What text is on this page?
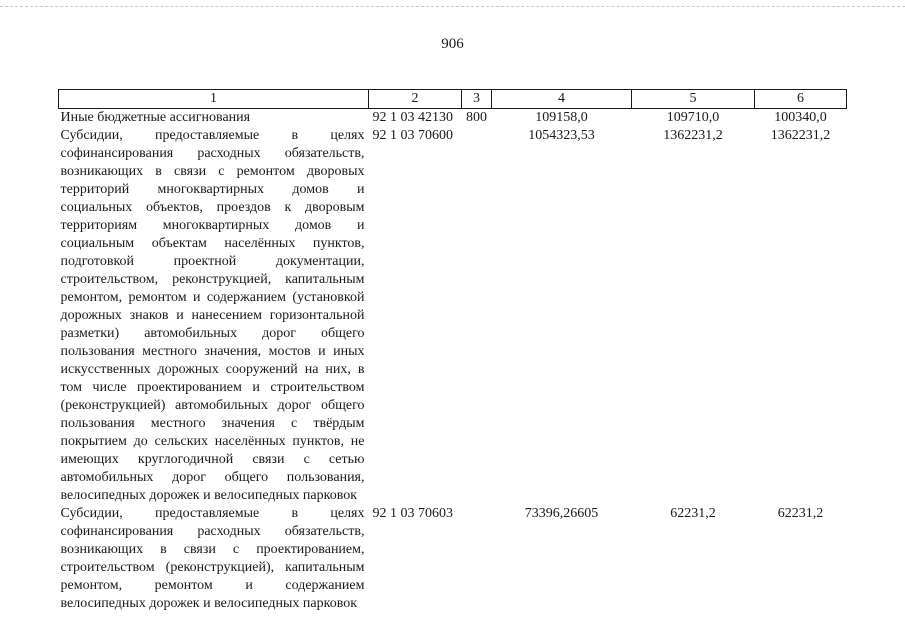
906
1	2	3	4	5	6
Иные бюджетные ассигнования	92 1 03 42130	800	109158,0	109710,0	100340,0
Субсидии, предоставляемые в целях софинансирования расходных обязательств, возникающих в связи с ремонтом дворовых территорий многоквартирных домов и социальных объектов, проездов к дворовым территориям многоквартирных домов и социальным объектам населённых пунктов, подготовкой проектной документации, строительством, реконструкцией, капитальным ремонтом, ремонтом и содержанием (установкой дорожных знаков и нанесением горизонтальной разметки) автомобильных дорог общего пользования местного значения, мостов и иных искусственных дорожных сооружений на них, в том числе проектированием и строительством (реконструкцией) автомобильных дорог общего пользования местного значения с твёрдым покрытием до сельских населённых пунктов, не имеющих круглогодичной связи с сетью автомобильных дорог общего пользования, велосипедных дорожек и велосипедных парковок	92 1 03 70600		1054323,53	1362231,2	1362231,2
Субсидии, предоставляемые в целях софинансирования расходных обязательств, возникающих в связи с проектированием, строительством (реконструкцией), капитальным ремонтом, ремонтом и содержанием велосипедных дорожек и велосипедных парковок	92 1 03 70603		73396,26605	62231,2	62231,2
